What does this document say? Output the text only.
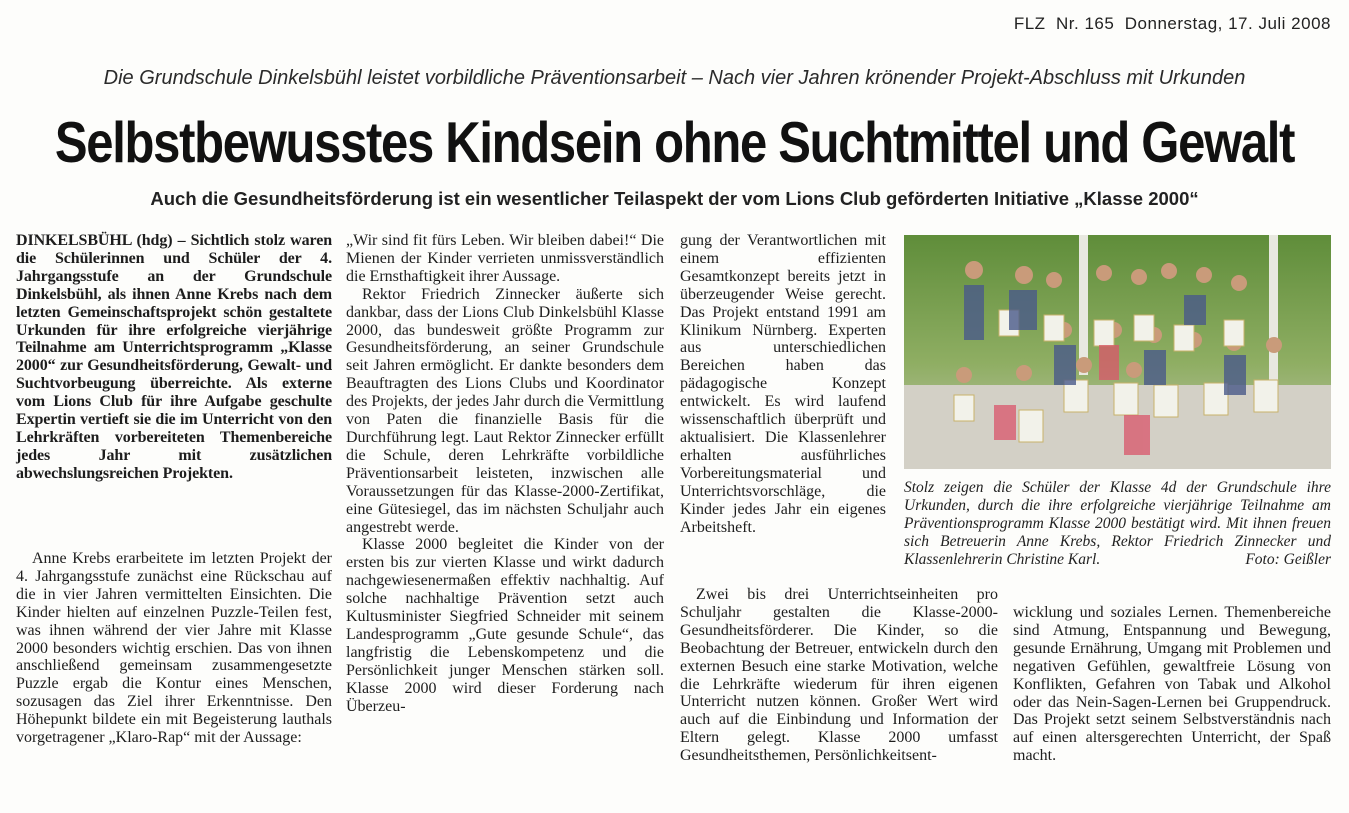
FLZ  Nr. 165  Donnerstag, 17. Juli 2008
Die Grundschule Dinkelsbühl leistet vorbildliche Präventionsarbeit – Nach vier Jahren krönender Projekt-Abschluss mit Urkunden
Selbstbewusstes Kindsein ohne Suchtmittel und Gewalt
Auch die Gesundheitsförderung ist ein wesentlicher Teilaspekt der vom Lions Club geförderten Initiative „Klasse 2000“

DINKELSBÜHL (hdg) – Sichtlich stolz waren die Schülerinnen und Schüler der 4. Jahrgangsstufe an der Grundschule Dinkelsbühl, als ihnen Anne Krebs nach dem letzten Gemeinschaftsprojekt schön gestaltete Urkunden für ihre erfolgreiche vierjährige Teilnahme am Unterrichtsprogramm „Klasse 2000“ zur Gesundheitsförderung, Gewalt- und Suchtvorbeugung überreichte. Als externe vom Lions Club für ihre Aufgabe geschulte Expertin vertieft sie die im Unterricht von den Lehrkräften vorbereiteten Themenbereiche jedes Jahr mit zusätzlichen abwechslungsreichen Projekten.

Anne Krebs erarbeitete im letzten Projekt der 4. Jahrgangsstufe zunächst eine Rückschau auf die in vier Jahren vermittelten Einsichten. Die Kinder hielten auf einzelnen Puzzle-Teilen fest, was ihnen während der vier Jahre mit Klasse 2000 besonders wichtig erschien. Das von ihnen anschließend gemeinsam zusammengesetzte Puzzle ergab die Kontur eines Menschen, sozusagen das Ziel ihrer Erkenntnisse. Den Höhepunkt bildete ein mit Begeisterung lauthals vorgetragener „Klaro-Rap“ mit der Aussage:

„Wir sind fit fürs Leben. Wir bleiben dabei!“ Die Mienen der Kinder verrieten unmissverständlich die Ernsthaftigkeit ihrer Aussage.

Rektor Friedrich Zinnecker äußerte sich dankbar, dass der Lions Club Dinkelsbühl Klasse 2000, das bundesweit größte Programm zur Gesundheitsförderung, an seiner Grundschule seit Jahren ermöglicht. Er dankte besonders dem Beauftragten des Lions Clubs und Koordinator des Projekts, der jedes Jahr durch die Vermittlung von Paten die finanzielle Basis für die Durchführung legt. Laut Rektor Zinnecker erfüllt die Schule, deren Lehrkräfte vorbildliche Präventionsarbeit leisteten, inzwischen alle Voraussetzungen für das Klasse-2000-Zertifikat, eine Gütesiegel, das im nächsten Schuljahr auch angestrebt werde.

Klasse 2000 begleitet die Kinder von der ersten bis zur vierten Klasse und wirkt dadurch nachgewiesenermaßen effektiv nachhaltig. Auf solche nachhaltige Prävention setzt auch Kultusminister Siegfried Schneider mit seinem Landesprogramm „Gute gesunde Schule“, das langfristig die Lebenskompetenz und die Persönlichkeit junger Menschen stärken soll. Klasse 2000 wird dieser Forderung nach Überzeu-

gung der Verantwortlichen mit einem effizienten Gesamtkonzept bereits jetzt in überzeugender Weise gerecht. Das Projekt entstand 1991 am Klinikum Nürnberg. Experten aus unterschiedlichen Bereichen haben das pädagogische Konzept entwickelt. Es wird laufend wissenschaftlich überprüft und aktualisiert. Die Klassenlehrer erhalten ausführliches Vorbereitungsmaterial und Unterrichtsvorschläge, die Kinder jedes Jahr ein eigenes Arbeitsheft.

Zwei bis drei Unterrichtseinheiten pro Schuljahr gestalten die Klasse-2000-Gesundheitsförderer. Die Kinder, so die Beobachtung der Betreuer, entwickeln durch den externen Besuch eine starke Motivation, welche die Lehrkräfte wiederum für ihren eigenen Unterricht nutzen können. Großer Wert wird auch auf die Einbindung und Information der Eltern gelegt. Klasse 2000 umfasst Gesundheitsthemen, Persönlichkeitsent-

wicklung und soziales Lernen. Themenbereiche sind Atmung, Entspannung und Bewegung, gesunde Ernährung, Umgang mit Problemen und negativen Gefühlen, gewaltfreie Lösung von Konflikten, Gefahren von Tabak und Alkohol oder das Nein-Sagen-Lernen bei Gruppendruck. Das Projekt setzt seinem Selbstverständnis nach auf einen altersgerechten Unterricht, der Spaß macht.

Stolz zeigen die Schüler der Klasse 4d der Grundschule ihre Urkunden, durch die ihre erfolgreiche vierjährige Teilnahme am Präventionsprogramm Klasse 2000 bestätigt wird. Mit ihnen freuen sich Betreuerin Anne Krebs, Rektor Friedrich Zinnecker und Klassenlehrerin Christine Karl.	Foto: Geißler
